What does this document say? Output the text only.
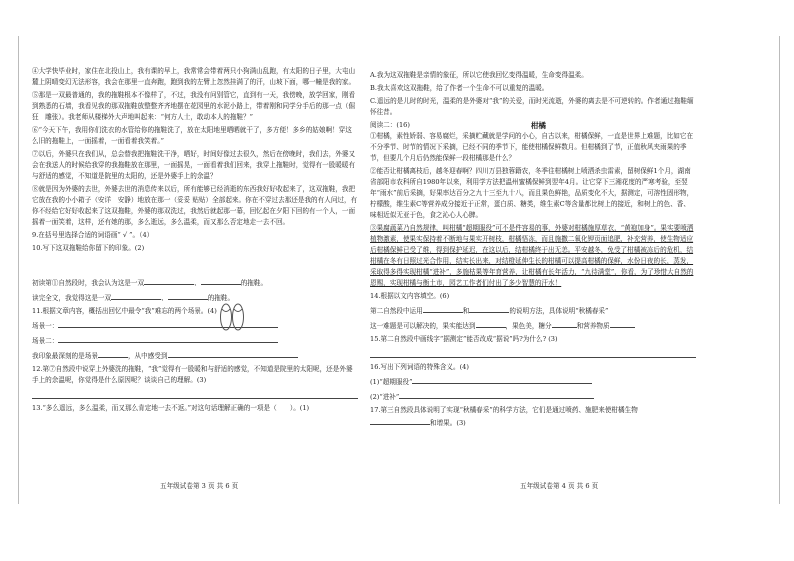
④大学快毕业时，家住在北投山上，我有课的早上，我常常会带着两只小狗满山乱跑，有太阳的日子里，大屯山麓上阴晴变幻无法形容，我会在那里一直奔跑，跑到我的左臂上忽然挂满了的汗，山坡下面，哪一幢是我的家。

⑤那是一双最普通的，我的拖鞋根本不像样了，不过，我没有问别管它，直到有一天，我傍晚，放学回家，刚看到熟悉的石墙，我看见我的那双拖鞋放整整齐齐地摆在花园里的水泥小路上，带着刚和同学分手后的那一点（倔狂　雕张）。我老师从楼梯外大声地叫起来：“何方人士，敢动本人的拖鞋？”

⑥“今天下午，我用你们洗衣的水管给你的拖鞋洗了，放在太阳地里晒晒就干了，多方便！多乡的姑娘啊！穿这么旧的拖鞋上，一面摇着，一面看着我笑着。”

⑦以后，外婆只在我们从，总会替我把拖鞋洗干净，晒好，时间好像过去很久，然后在傍晚时，我们去，外婆又会在我送人的时候给我穿的我拖鞋放在那里，一面摇晃，一面看着我们回来，我穿上拖鞋时，觉得有一股暖暖有与舒适的感觉，不知道是院里的太阳的，还是外婆手上的余温？

⑧就是因为外婆的去世，外婆去世的消息传来以后，所有能够已经消逝的东西我好好收起来了，这双拖鞋，我把它放在我的小小箱子（安详　安静）地放在那一（妥妥 贴贴）全部起来。你在不穿过去那还是我的有人问过，有你不经给它好好收起来了这双拖鞋，外婆的那双洗过，我然后就起那一幕，回忆起在夕阳下回的有一个人，一面摇着一面笑着，这样，还有她的那，多么逝远，多么温柔，而又那么否定地走一去不回。

9.在括号里选择合适的词语画“ √ ”。（4）

10.写下这双拖鞋给你留下的印象。(2)

初读第①自然段时，我会认为这是一双	、	的拖鞋。

读完全文，我觉得这是一双	、	的拖鞋。

11.根据文章内容，概括出回忆中最令“我”难忘的两个场景。(4)

场景一：

场景二：

我印象最深刻的是场景	，从中感受到

12.第⑦自然段中说穿上外婆洗的拖鞋，“我”觉得有一股暖和与舒适的感觉，不知道是院里的太阳呢，还是外婆手上的余温呢，你觉得是什么原因呢？谈谈自己的理解。(3)

13.“多么遥远，多么温柔，而又那么肯定地一去不返。”对这句话理解正确的一项是（　　）。(1)

A.我为这双拖鞋是亲情的象征，所以它使我回忆变得温暖，生命变得温柔。

B.我太喜欢这双拖鞋，给了作者一个生命不可以重复的温暖。

C.遥远的是儿时的时光，温柔的是外婆对“我”的关爱，而时光流逝，外婆的离去是不可逆转的。作者通过拖鞋缅怀往昔。

阅读二：(16)	柑橘

①柑橘，素性娇弱、容易腐烂，采摘贮藏就是学问的小心，自古以来，柑橘保鲜，一直是世界上难题，比如它在不分季节、时节的情况下采摘，已经不同的季节下，能使柑橘保鲜数月。但柑橘到了节，正值秋风夹雨果的季节，但要几个月后仍然能保鲜一段柑橘那是什么？

②能否让柑橘离枝后，越冬迎春啊？四川万县独蓉籍农，冬季往柑橘树上喷洒杀虫雷素，留树保鲜1个月，湖南省部阳市农科所自1980年以来，利用学方法把温州蜜橘保鲜到翌年4月。让它穿下三湘花度的严寒考验，至翌年“雨水”前后采摘，好果率达百分之九十三至九十八，而且果色鲜艳，品质变化不大，据测定，可溶性固形物，柠檬酸，维生素C等营养成分接近于正常，蛋白质、糖类，维生素C等含量都比树上的接近，和树上的色、香、味相近似无亚于色，食之沁心人心脾。

③果腐蔬菜乃自然规律，叫柑橘“超期服役”可不是件容易的事，外婆对柑橘施厚草衣，“黄袍加身”。果实要喷洒植物激素，使果实保持着不断地与果实开树枝，柑橘悟冻，而且施撒二氧化钾页面追肥，补充营养，使生物适应后柑橘保鲜已受了维，得到保护延迟，在这以后，结柑橘终于出无恙。平安越冬，免受了柑橘被冻后的危机，结柑橘在冬有日照过光合作用，结实长出来，对结橙延伸生长的柑橘可以提高柑橘的保鲜，水份日夜的长，蒸发，采取得多得实现柑橘“进补”，多施枯果等年育营养，让柑橘有长年活力，“九待满堂”，你看，为了珍惜大自然的恩赐，实现柑橘与衡土市，园艺工作者们付出了多少智慧的汗水！

14.根据以文内容填空。(6)

第二自然段中运用	和	的说明方法，具体说明“秋橘春采”

这一难题是可以解决的，果实能达到	，果色美，糖分	和营养物质

15.第二自然段中画线字“据测定”能否改成“据说”吗?为什么? (3)

16.写出下列词语的特殊含义。(4)

(1)“超期服役”

(2)“进补”

17.第三自然段具体说明了实现“秋橘春采”的科学方法，它们是通过喷药、施肥来使柑橘生物和增果。(3)

五年级试卷第 3 页 共 6 页	五年级试卷第 4 页 共 6 页
